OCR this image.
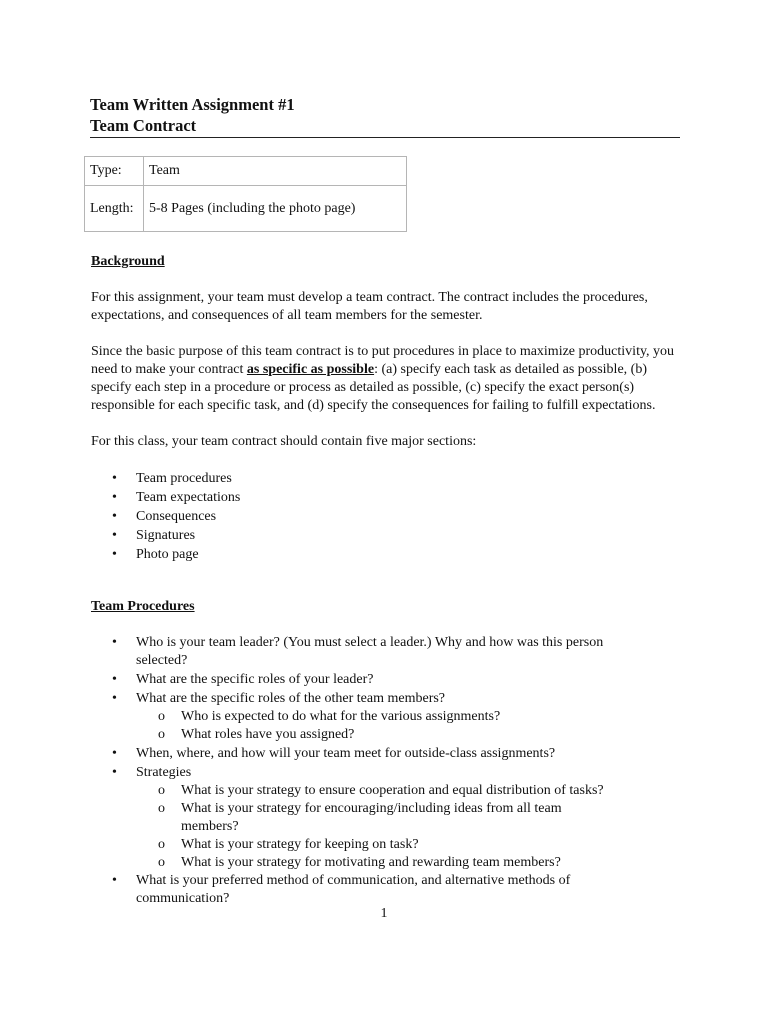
Team Written Assignment #1
Team Contract
Type:	Team
Length:	5-8 Pages (including the photo page)

Background

For this assignment, your team must develop a team contract. The contract includes the procedures, expectations, and consequences of all team members for the semester.

Since the basic purpose of this team contract is to put procedures in place to maximize productivity, you need to make your contract as specific as possible: (a) specify each task as detailed as possible, (b) specify each step in a procedure or process as detailed as possible, (c) specify the exact person(s) responsible for each specific task, and (d) specify the consequences for failing to fulfill expectations.

For this class, your team contract should contain five major sections:

• Team procedures
• Team expectations
• Consequences
• Signatures
• Photo page

Team Procedures

• Who is your team leader? (You must select a leader.) Why and how was this person selected?
• What are the specific roles of your leader?
• What are the specific roles of the other team members?
o Who is expected to do what for the various assignments?
o What roles have you assigned?
• When, where, and how will your team meet for outside-class assignments?
• Strategies
o What is your strategy to ensure cooperation and equal distribution of tasks?
o What is your strategy for encouraging/including ideas from all team members?
o What is your strategy for keeping on task?
o What is your strategy for motivating and rewarding team members?
• What is your preferred method of communication, and alternative methods of communication?
1
